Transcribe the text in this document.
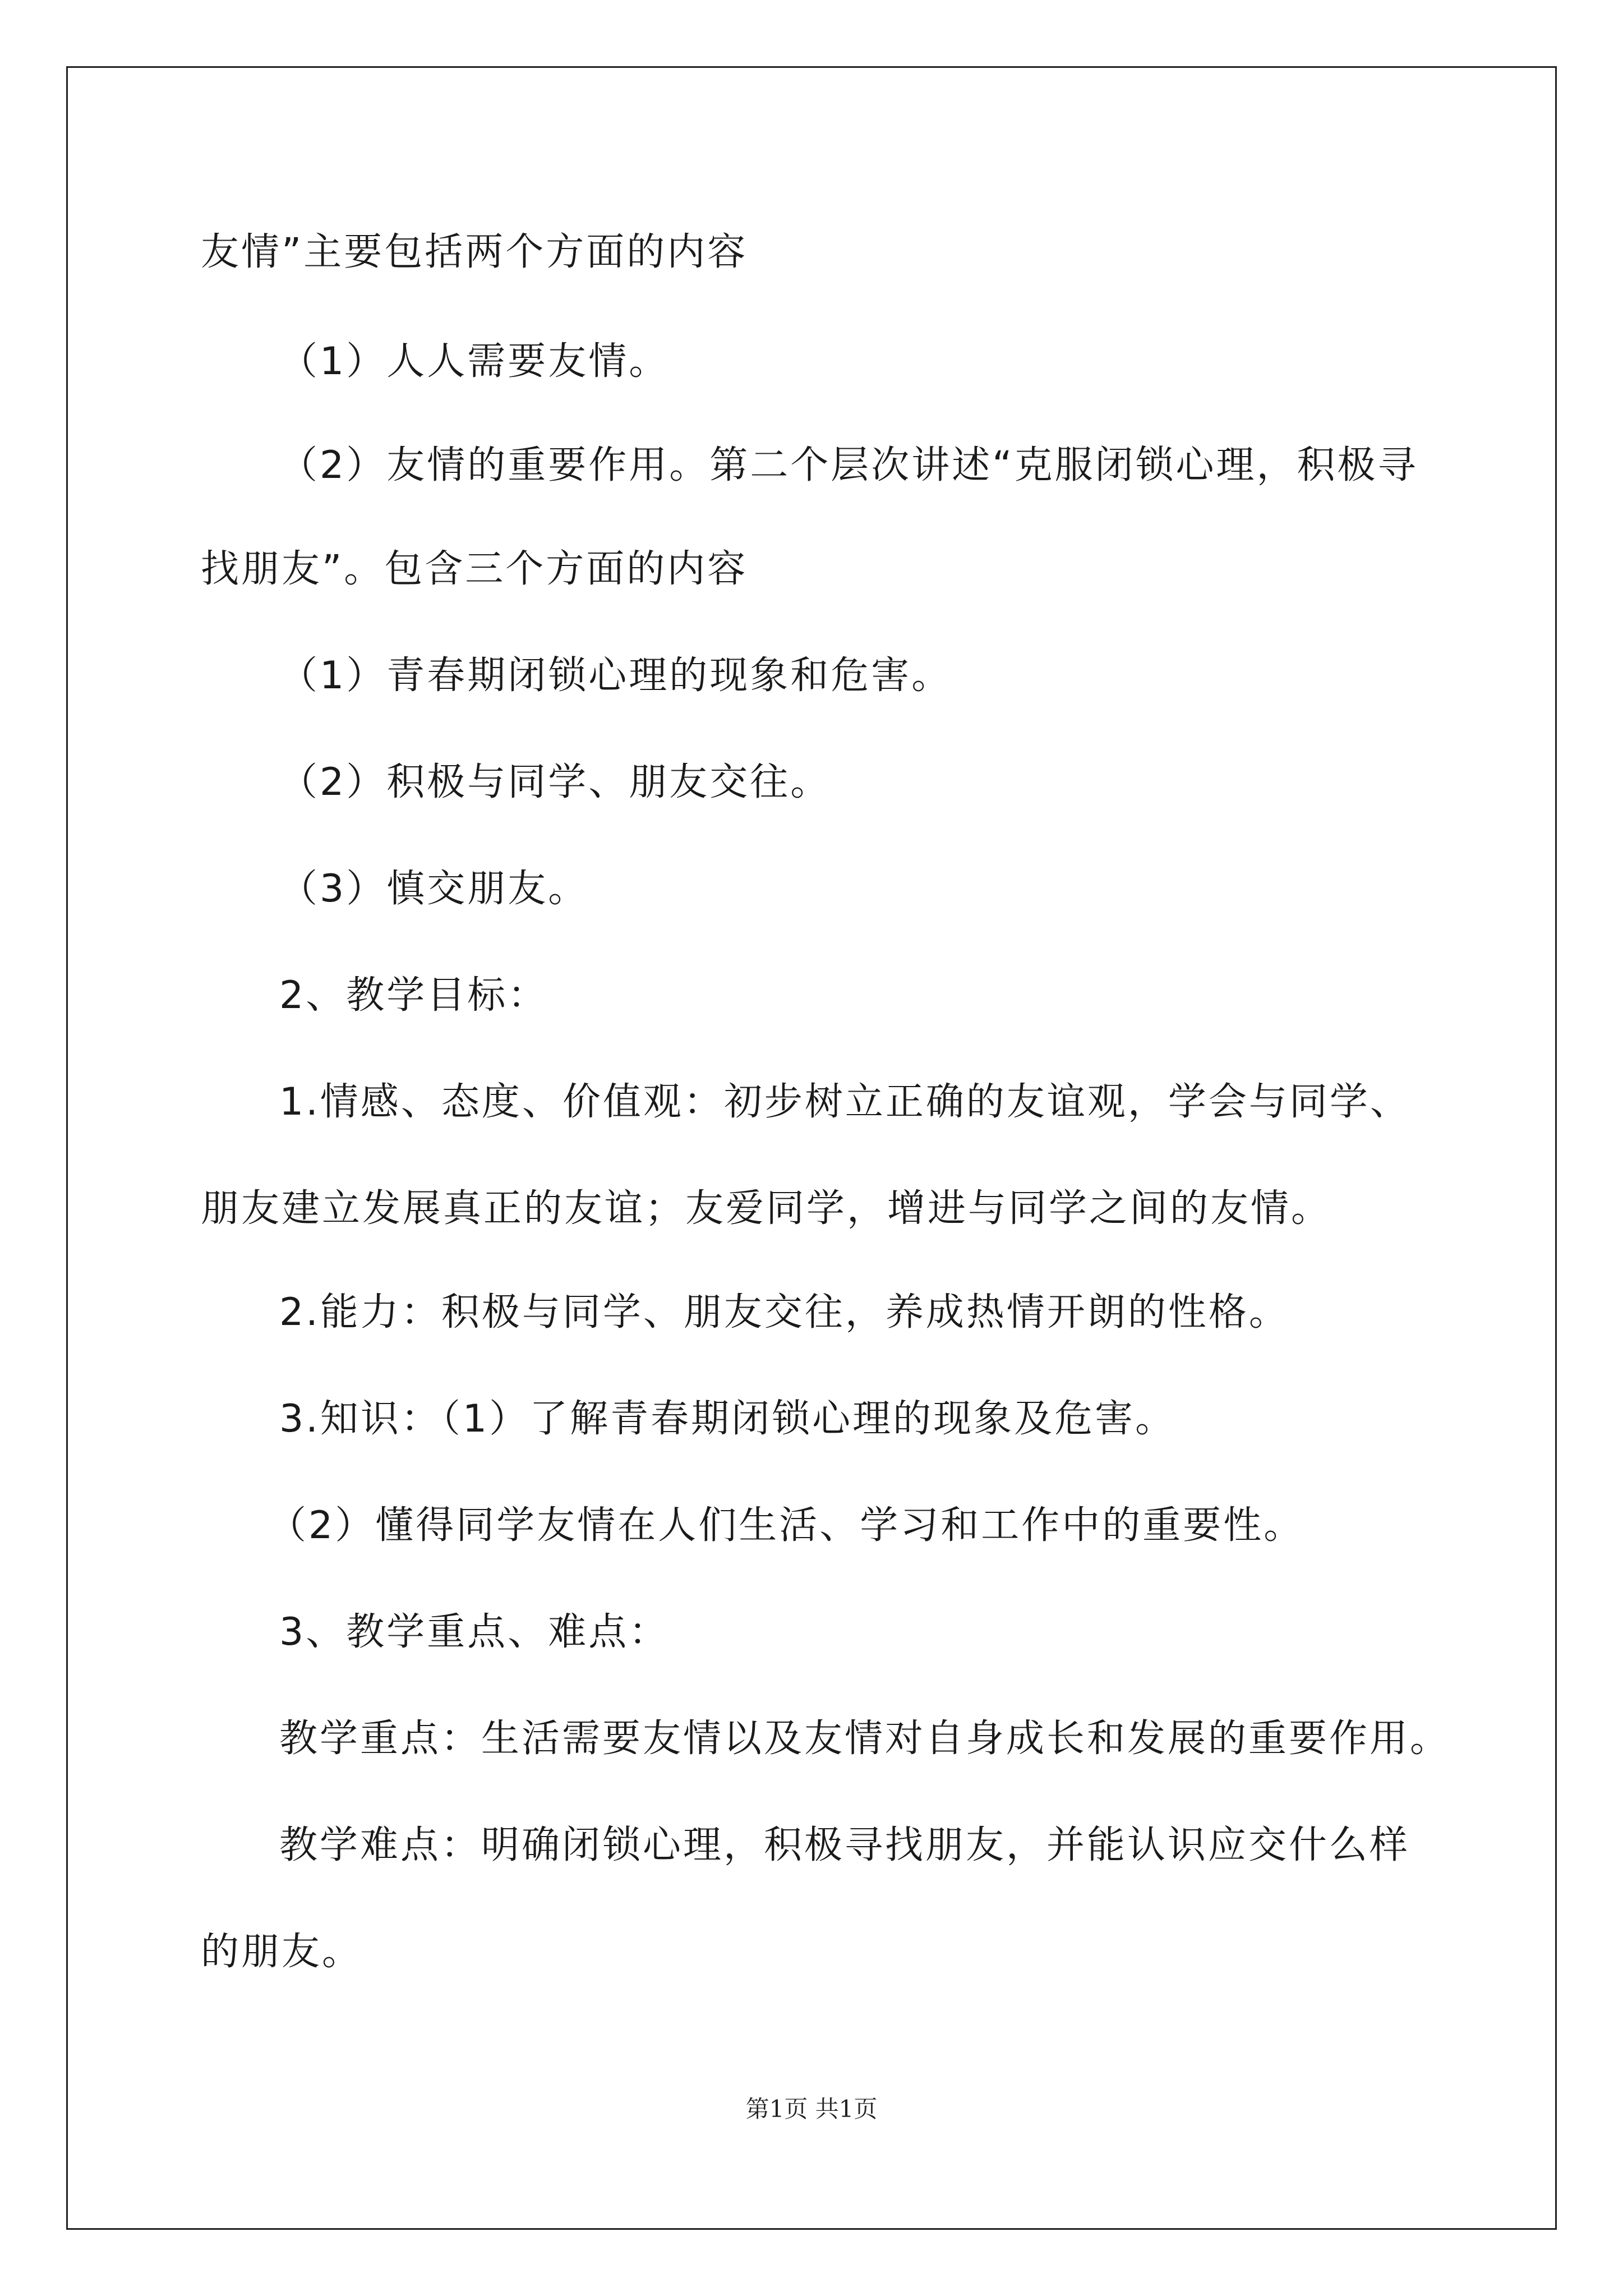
友情”主要包括两个方面的内容
（1）人人需要友情。
（2）友情的重要作用。第二个层次讲述“克服闭锁心理，积极寻
找朋友”。包含三个方面的内容
（1）青春期闭锁心理的现象和危害。
（2）积极与同学、朋友交往。
（3）慎交朋友。
2、教学目标：
1.情感、态度、价值观：初步树立正确的友谊观，学会与同学、
朋友建立发展真正的友谊；友爱同学，增进与同学之间的友情。
2.能力：积极与同学、朋友交往，养成热情开朗的性格。
3.知识：（1）了解青春期闭锁心理的现象及危害。
（2）懂得同学友情在人们生活、学习和工作中的重要性。
3、教学重点、难点：
教学重点：生活需要友情以及友情对自身成长和发展的重要作用。
教学难点：明确闭锁心理，积极寻找朋友，并能认识应交什么样
的朋友。
第1页 共1页
